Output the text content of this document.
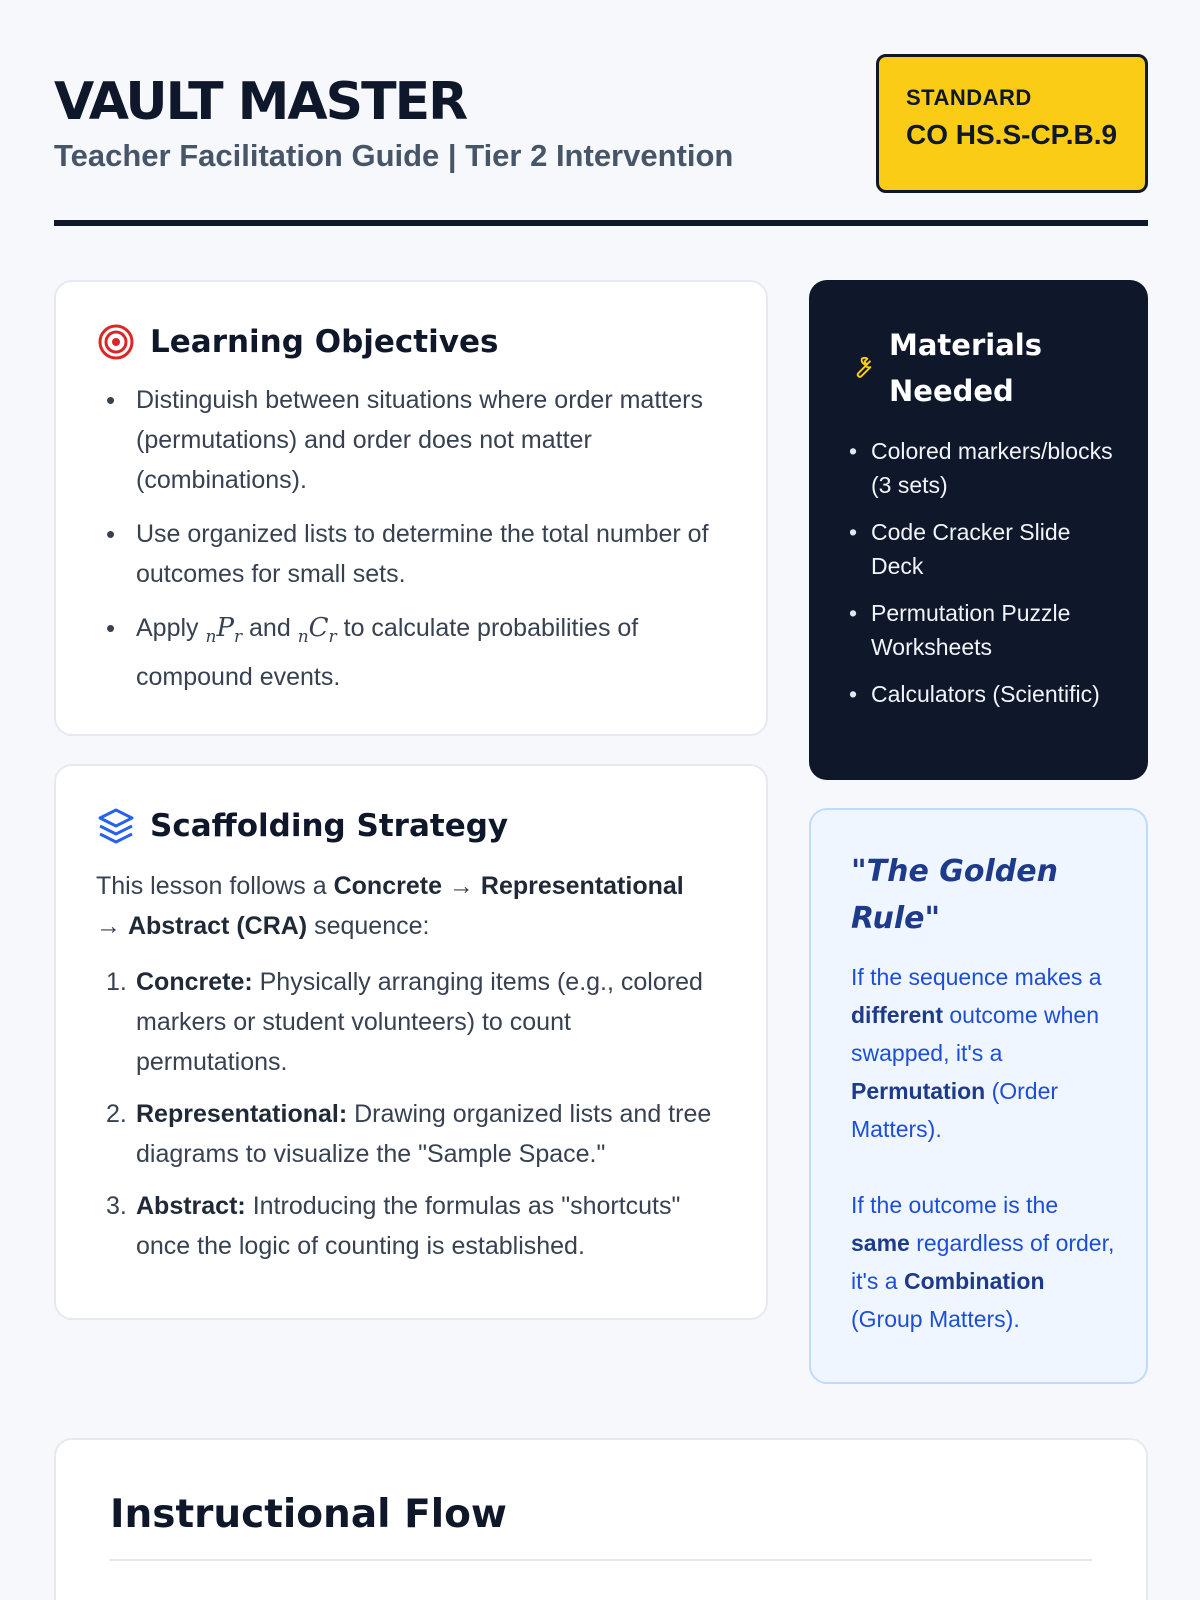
VAULT MASTER
Teacher Facilitation Guide | Tier 2 Intervention
STANDARD
CO HS.S-CP.B.9
Learning Objectives
• Distinguish between situations where order matters (permutations) and order does not matter (combinations).
• Use organized lists to determine the total number of outcomes for small sets.
• Apply $_nP_r$ and $_nC_r$ to calculate probabilities of compound events.
Scaffolding Strategy

This lesson follows a Concrete → Representational
→ Abstract (CRA) sequence:

1. Concrete: Physically arranging items (e.g., colored markers or student volunteers) to count permutations.
2. Representational: Drawing organized lists and tree diagrams to visualize the "Sample Space."
3. Abstract: Introducing the formulas as "shortcuts" once the logic of counting is established.
Materials Needed
• Colored markers/blocks (3 sets)
• Code Cracker Slide Deck
• Permutation Puzzle Worksheets
• Calculators (Scientific)
"The Golden Rule"

If the sequence makes a different outcome when swapped, it's a Permutation (Order Matters).

If the outcome is the same regardless of order, it's a Combination (Group Matters).

Instructional Flow
